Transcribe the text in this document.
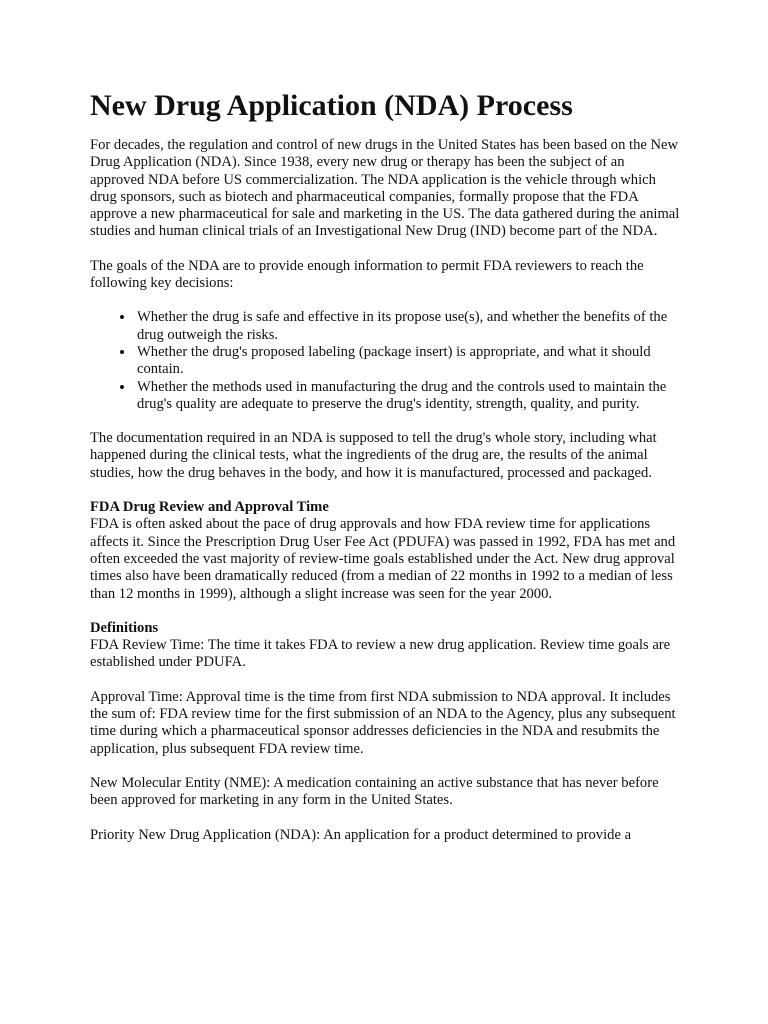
New Drug Application (NDA) Process

For decades, the regulation and control of new drugs in the United States has been based on the New Drug Application (NDA). Since 1938, every new drug or therapy has been the subject of an approved NDA before US commercialization. The NDA application is the vehicle through which drug sponsors, such as biotech and pharmaceutical companies, formally propose that the FDA approve a new pharmaceutical for sale and marketing in the US. The data gathered during the animal studies and human clinical trials of an Investigational New Drug (IND) become part of the NDA.

The goals of the NDA are to provide enough information to permit FDA reviewers to reach the following key decisions:

• Whether the drug is safe and effective in its propose use(s), and whether the benefits of the drug outweigh the risks.
• Whether the drug's proposed labeling (package insert) is appropriate, and what it should contain.
• Whether the methods used in manufacturing the drug and the controls used to maintain the drug's quality are adequate to preserve the drug's identity, strength, quality, and purity.

The documentation required in an NDA is supposed to tell the drug's whole story, including what happened during the clinical tests, what the ingredients of the drug are, the results of the animal studies, how the drug behaves in the body, and how it is manufactured, processed and packaged.

FDA Drug Review and Approval Time
FDA is often asked about the pace of drug approvals and how FDA review time for applications affects it. Since the Prescription Drug User Fee Act (PDUFA) was passed in 1992, FDA has met and often exceeded the vast majority of review-time goals established under the Act. New drug approval times also have been dramatically reduced (from a median of 22 months in 1992 to a median of less than 12 months in 1999), although a slight increase was seen for the year 2000.
Definitions
FDA Review Time: The time it takes FDA to review a new drug application. Review time goals are established under PDUFA.

Approval Time: Approval time is the time from first NDA submission to NDA approval. It includes the sum of: FDA review time for the first submission of an NDA to the Agency, plus any subsequent time during which a pharmaceutical sponsor addresses deficiencies in the NDA and resubmits the application, plus subsequent FDA review time.

New Molecular Entity (NME): A medication containing an active substance that has never before been approved for marketing in any form in the United States.

Priority New Drug Application (NDA): An application for a product determined to provide a
